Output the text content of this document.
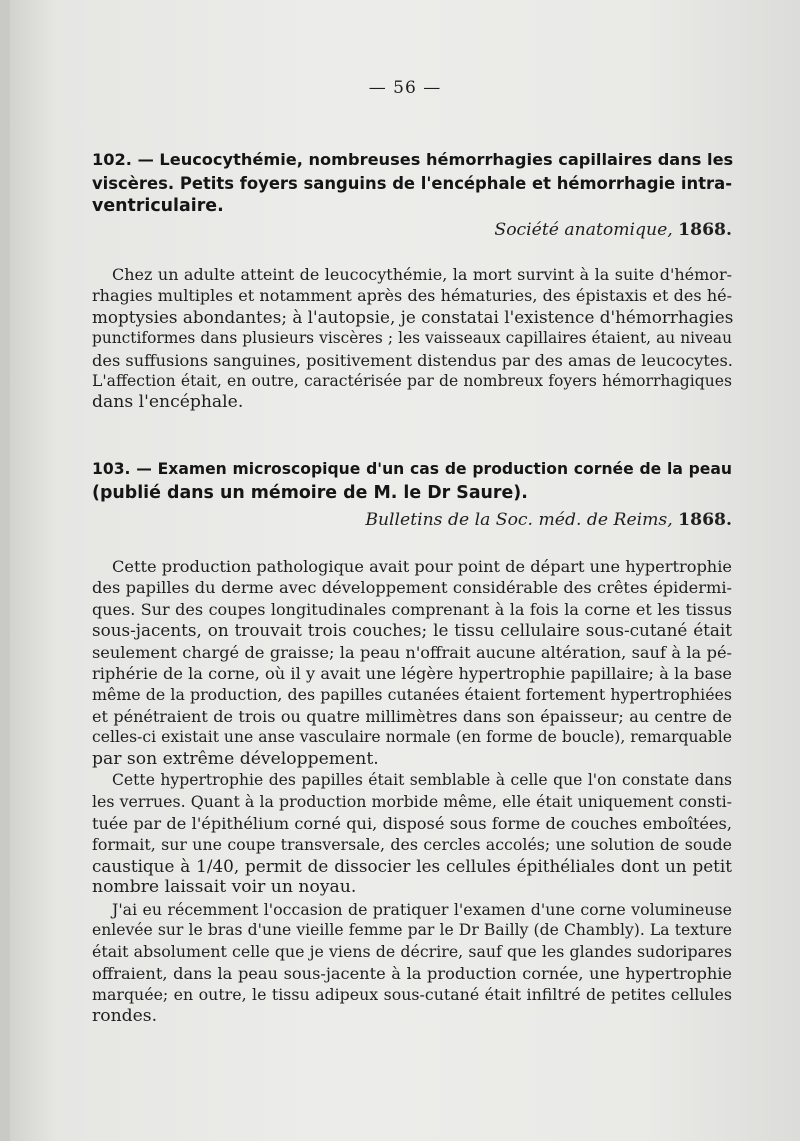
— 56 —
102. — Leucocythémie, nombreuses hémorrhagies capillaires dans les
viscères. Petits foyers sanguins de l'encéphale et hémorrhagie intra-
ventriculaire.
Société anatomique, 1868.
Chez un adulte atteint de leucocythémie, la mort survint à la suite d'hémor-
rhagies multiples et notamment après des hématuries, des épistaxis et des hé-
moptysies abondantes; à l'autopsie, je constatai l'existence d'hémorrhagies
punctiformes dans plusieurs viscères ; les vaisseaux capillaires étaient, au niveau
des suffusions sanguines, positivement distendus par des amas de leucocytes.
L'affection était, en outre, caractérisée par de nombreux foyers hémorrhagiques
dans l'encéphale.
103. — Examen microscopique d'un cas de production cornée de la peau
(publié dans un mémoire de M. le Dr Saure).
Bulletins de la Soc. méd. de Reims, 1868.
Cette production pathologique avait pour point de départ une hypertrophie
des papilles du derme avec développement considérable des crêtes épidermi-
ques. Sur des coupes longitudinales comprenant à la fois la corne et les tissus
sous-jacents, on trouvait trois couches; le tissu cellulaire sous-cutané était
seulement chargé de graisse; la peau n'offrait aucune altération, sauf à la pé-
riphérie de la corne, où il y avait une légère hypertrophie papillaire; à la base
même de la production, des papilles cutanées étaient fortement hypertrophiées
et pénétraient de trois ou quatre millimètres dans son épaisseur; au centre de
celles-ci existait une anse vasculaire normale (en forme de boucle), remarquable
par son extrême développement.
Cette hypertrophie des papilles était semblable à celle que l'on constate dans
les verrues. Quant à la production morbide même, elle était uniquement consti-
tuée par de l'épithélium corné qui, disposé sous forme de couches emboîtées,
formait, sur une coupe transversale, des cercles accolés; une solution de soude
caustique à 1/40, permit de dissocier les cellules épithéliales dont un petit
nombre laissait voir un noyau.
J'ai eu récemment l'occasion de pratiquer l'examen d'une corne volumineuse
enlevée sur le bras d'une vieille femme par le Dr Bailly (de Chambly). La texture
était absolument celle que je viens de décrire, sauf que les glandes sudoripares
offraient, dans la peau sous-jacente à la production cornée, une hypertrophie
marquée; en outre, le tissu adipeux sous-cutané était infiltré de petites cellules
rondes.
